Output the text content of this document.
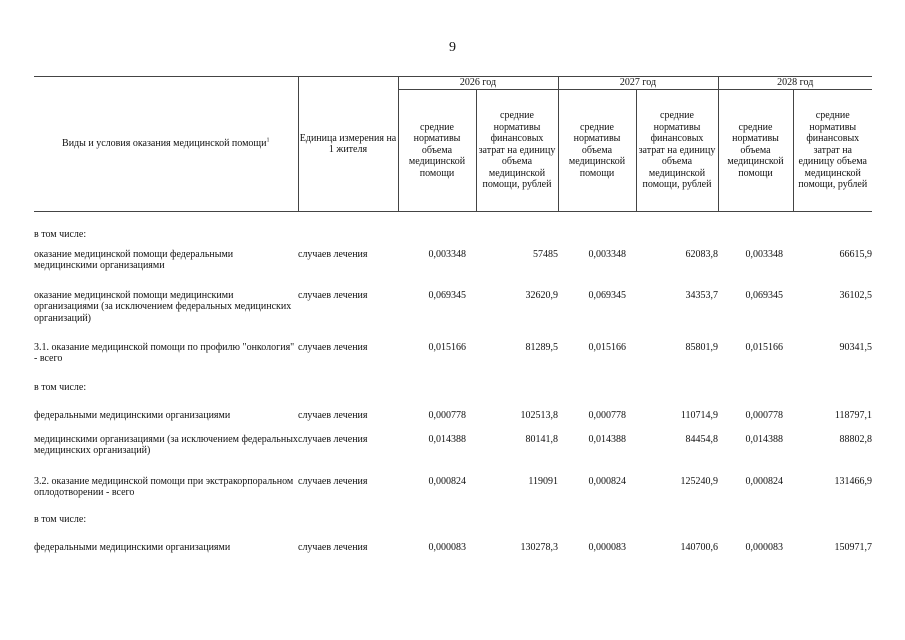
9
Виды и условия оказания медицинской помощи$^1$	Единица измерения на 1 жителя	2026 год		2027 год		2028 год	
		средние нормативы объема медицинской помощи	средние нормативы финансовых затрат на единицу объема медицинской помощи, рублей	средние нормативы объема медицинской помощи	средние нормативы финансовых затрат на единицу объема медицинской помощи, рублей	средние нормативы объема медицинской помощи	средние нормативы финансовых затрат на единицу объема медицинской помощи, рублей
в том числе:							
оказание медицинской помощи федеральными медицинскими организациями	случаев лечения	0,003348	57485	0,003348	62083,8	0,003348	66615,9
оказание медицинской помощи медицинскими организациями (за исключением федеральных медицинских организаций)	случаев лечения	0,069345	32620,9	0,069345	34353,7	0,069345	36102,5
3.1. оказание медицинской помощи по профилю "онкология" - всего	случаев лечения	0,015166	81289,5	0,015166	85801,9	0,015166	90341,5
в том числе:							
федеральными медицинскими организациями	случаев лечения	0,000778	102513,8	0,000778	110714,9	0,000778	118797,1
медицинскими организациями (за исключением федеральных медицинских организаций)	случаев лечения	0,014388	80141,8	0,014388	84454,8	0,014388	88802,8
3.2. оказание медицинской помощи при экстракорпоральном оплодотворении - всего	случаев лечения	0,000824	119091	0,000824	125240,9	0,000824	131466,9
в том числе:							
федеральными медицинскими организациями	случаев лечения	0,000083	130278,3	0,000083	140700,6	0,000083	150971,7
